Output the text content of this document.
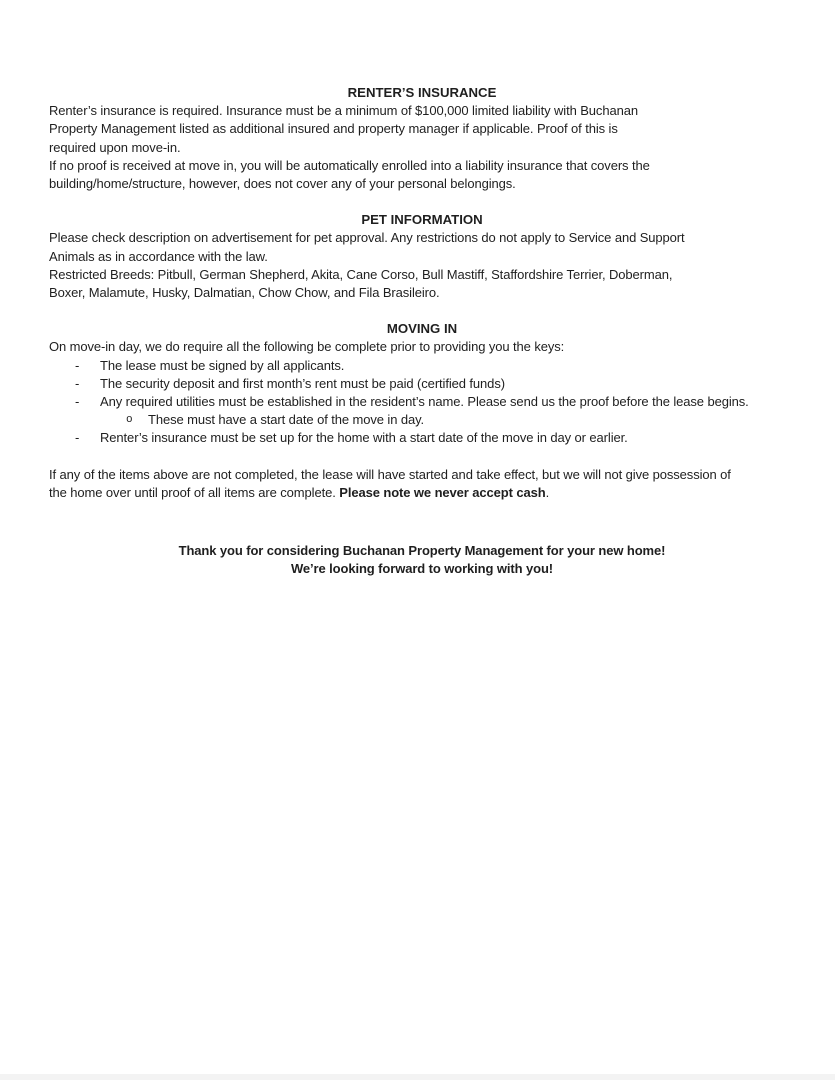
RENTER’S INSURANCE
Renter’s insurance is required. Insurance must be a minimum of $100,000 limited liability with Buchanan
Property Management listed as additional insured and property manager if applicable. Proof of this is
required upon move-in.
If no proof is received at move in, you will be automatically enrolled into a liability insurance that covers the
building/home/structure, however, does not cover any of your personal belongings.
PET INFORMATION
Please check description on advertisement for pet approval. Any restrictions do not apply to Service and Support
Animals as in accordance with the law.
Restricted Breeds: Pitbull, German Shepherd, Akita, Cane Corso, Bull Mastiff, Staffordshire Terrier, Doberman,
Boxer, Malamute, Husky, Dalmatian, Chow Chow, and Fila Brasileiro.
MOVING IN
On move-in day, we do require all the following be complete prior to providing you the keys:
-	The lease must be signed by all applicants.
-	The security deposit and first month’s rent must be paid (certified funds)
-	Any required utilities must be established in the resident’s name. Please send us the proof before the lease begins.
o	These must have a start date of the move in day.
-	Renter’s insurance must be set up for the home with a start date of the move in day or earlier.
If any of the items above are not completed, the lease will have started and take effect, but we will not give possession of
the home over until proof of all items are complete. Please note we never accept cash.
Thank you for considering Buchanan Property Management for your new home!
We’re looking forward to working with you!
